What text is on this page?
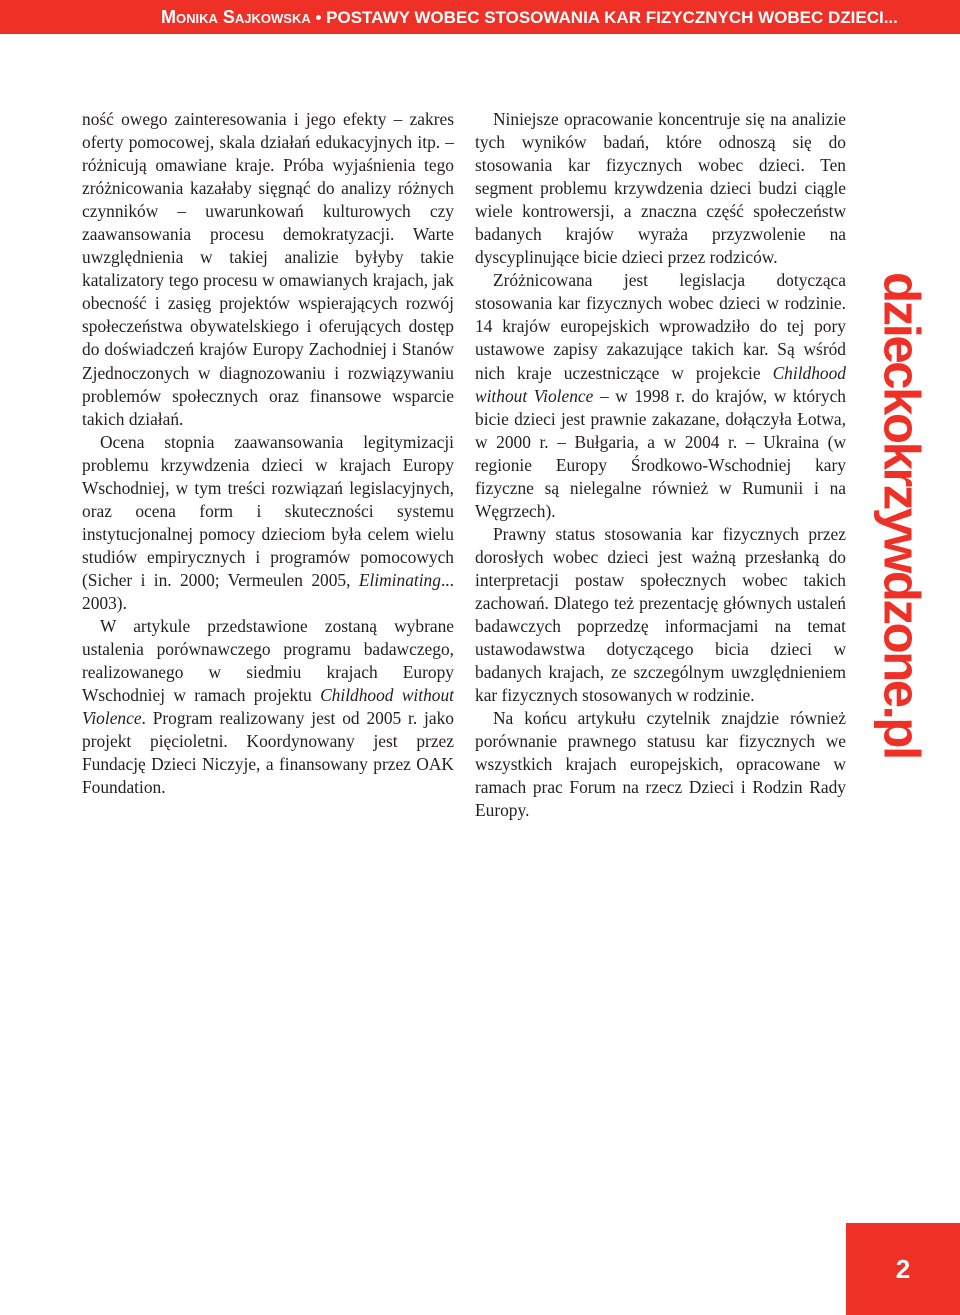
Monika Sajkowska • POSTAWY WOBEC STOSOWANIA KAR FIZYCZNYCH WOBEC DZIECI...

ność owego zainteresowania i jego efekty – zakres oferty pomocowej, skala działań edukacyjnych itp. – różnicują omawiane kraje. Próba wyjaśnienia tego zróżnicowania kazałaby sięgnąć do analizy różnych czynników – uwarunkowań kulturowych czy zaawansowania procesu demokratyzacji. Warte uwzględnienia w takiej analizie byłyby takie katalizatory tego procesu w omawianych krajach, jak obecność i zasięg projektów wspierających rozwój społeczeństwa obywatelskiego i oferujących dostęp do doświadczeń krajów Europy Zachodniej i Stanów Zjednoczonych w diagnozowaniu i rozwiązywaniu problemów społecznych oraz finansowe wsparcie takich działań.

Ocena stopnia zaawansowania legitymizacji problemu krzywdzenia dzieci w krajach Europy Wschodniej, w tym treści rozwiązań legislacyjnych, oraz ocena form i skuteczności systemu instytucjonalnej pomocy dzieciom była celem wielu studiów empirycznych i programów pomocowych (Sicher i in. 2000; Vermeulen 2005, Eliminating... 2003).

W artykule przedstawione zostaną wybrane ustalenia porównawczego programu badawczego, realizowanego w siedmiu krajach Europy Wschodniej w ramach projektu Childhood without Violence. Program realizowany jest od 2005 r. jako projekt pięcioletni. Koordynowany jest przez Fundację Dzieci Niczyje, a finansowany przez OAK Foundation.

Niniejsze opracowanie koncentruje się na analizie tych wyników badań, które odnoszą się do stosowania kar fizycznych wobec dzieci. Ten segment problemu krzywdzenia dzieci budzi ciągle wiele kontrowersji, a znaczna część społeczeństw badanych krajów wyraża przyzwolenie na dyscyplinujące bicie dzieci przez rodziców.

Zróżnicowana jest legislacja dotycząca stosowania kar fizycznych wobec dzieci w rodzinie. 14 krajów europejskich wprowadziło do tej pory ustawowe zapisy zakazujące takich kar. Są wśród nich kraje uczestniczące w projekcie Childhood without Violence – w 1998 r. do krajów, w których bicie dzieci jest prawnie zakazane, dołączyła Łotwa, w 2000 r. – Bułgaria, a w 2004 r. – Ukraina (w regionie Europy Środkowo-Wschodniej kary fizyczne są nielegalne również w Rumunii i na Węgrzech).

Prawny status stosowania kar fizycznych przez dorosłych wobec dzieci jest ważną przesłanką do interpretacji postaw społecznych wobec takich zachowań. Dlatego też prezentację głównych ustaleń badawczych poprzedzę informacjami na temat ustawodawstwa dotyczącego bicia dzieci w badanych krajach, ze szczególnym uwzględnieniem kar fizycznych stosowanych w rodzinie.

Na końcu artykułu czytelnik znajdzie również porównanie prawnego statusu kar fizycznych we wszystkich krajach europejskich, opracowane w ramach prac Forum na rzecz Dzieci i Rodzin Rady Europy.

dzieckokrzywdzone.pl
2
